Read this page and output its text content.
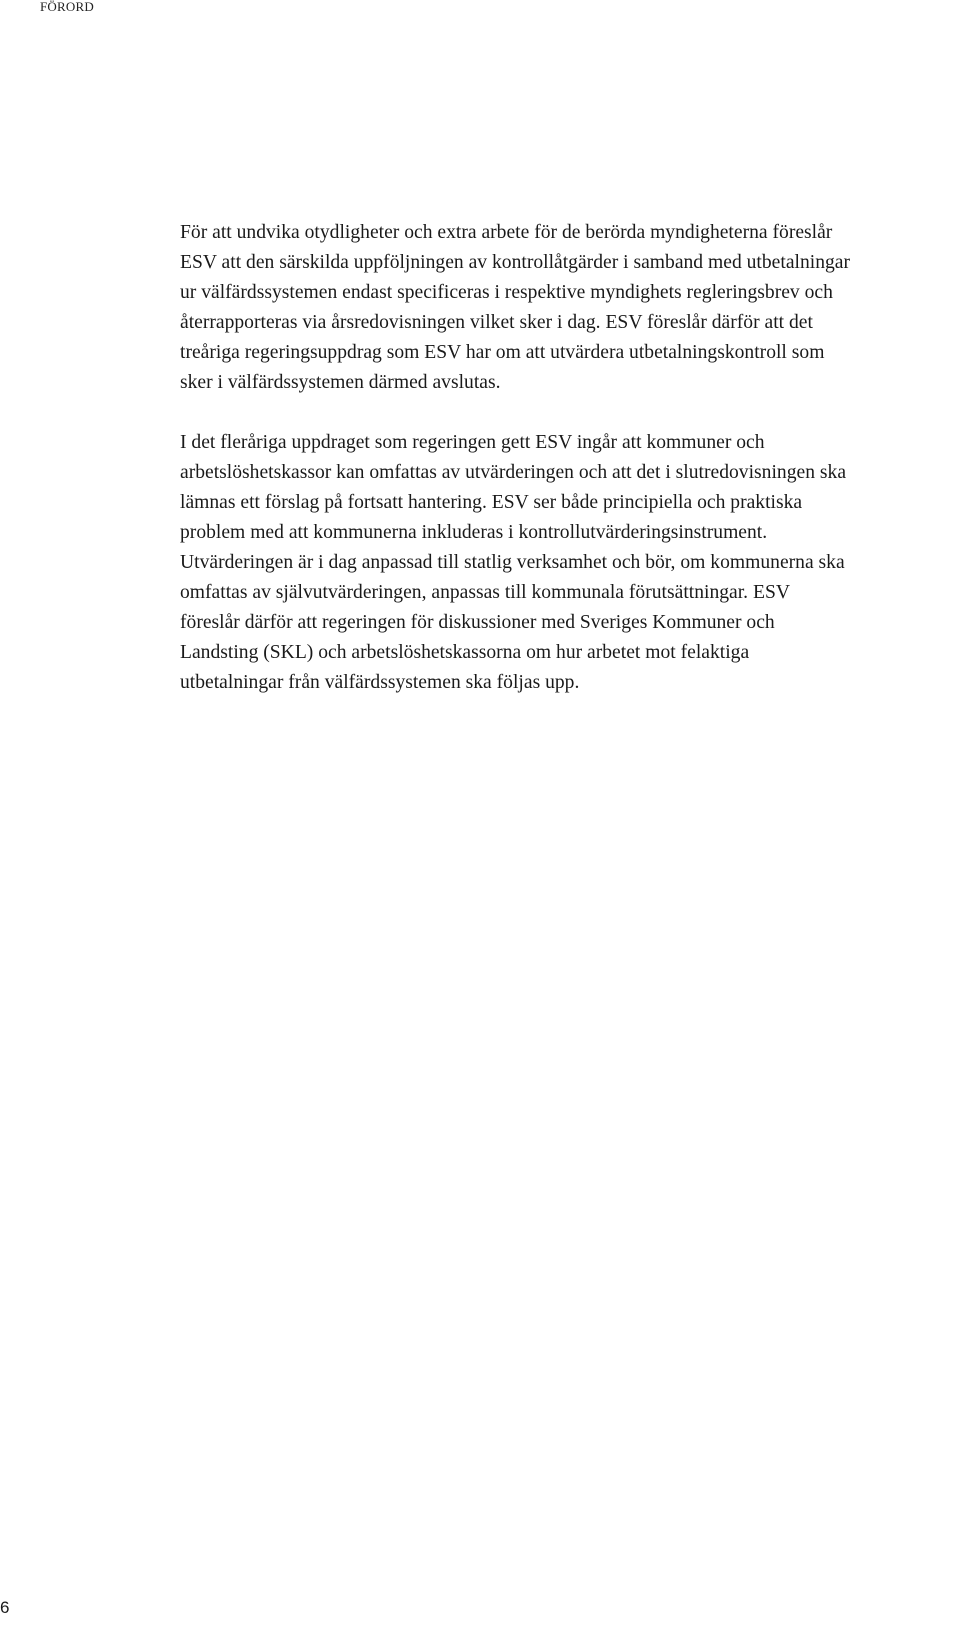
FÖRORD

För att undvika otydligheter och extra arbete för de berörda myndigheterna föreslår
ESV att den särskilda uppföljningen av kontrollåtgärder i samband med utbetalningar
ur välfärdssystemen endast specificeras i respektive myndighets regleringsbrev och
återrapporteras via årsredovisningen vilket sker i dag. ESV föreslår därför att det
treåriga regeringsuppdrag som ESV har om att utvärdera utbetalningskontroll som
sker i välfärdssystemen därmed avslutas.

I det fleråriga uppdraget som regeringen gett ESV ingår att kommuner och
arbetslöshetskassor kan omfattas av utvärderingen och att det i slutredovisningen ska
lämnas ett förslag på fortsatt hantering. ESV ser både principiella och praktiska
problem med att kommunerna inkluderas i kontrollutvärderingsinstrument.
Utvärderingen är i dag anpassad till statlig verksamhet och bör, om kommunerna ska
omfattas av självutvärderingen, anpassas till kommunala förutsättningar. ESV
föreslår därför att regeringen för diskussioner med Sveriges Kommuner och
Landsting (SKL) och arbetslöshetskassorna om hur arbetet mot felaktiga
utbetalningar från välfärdssystemen ska följas upp.

6
